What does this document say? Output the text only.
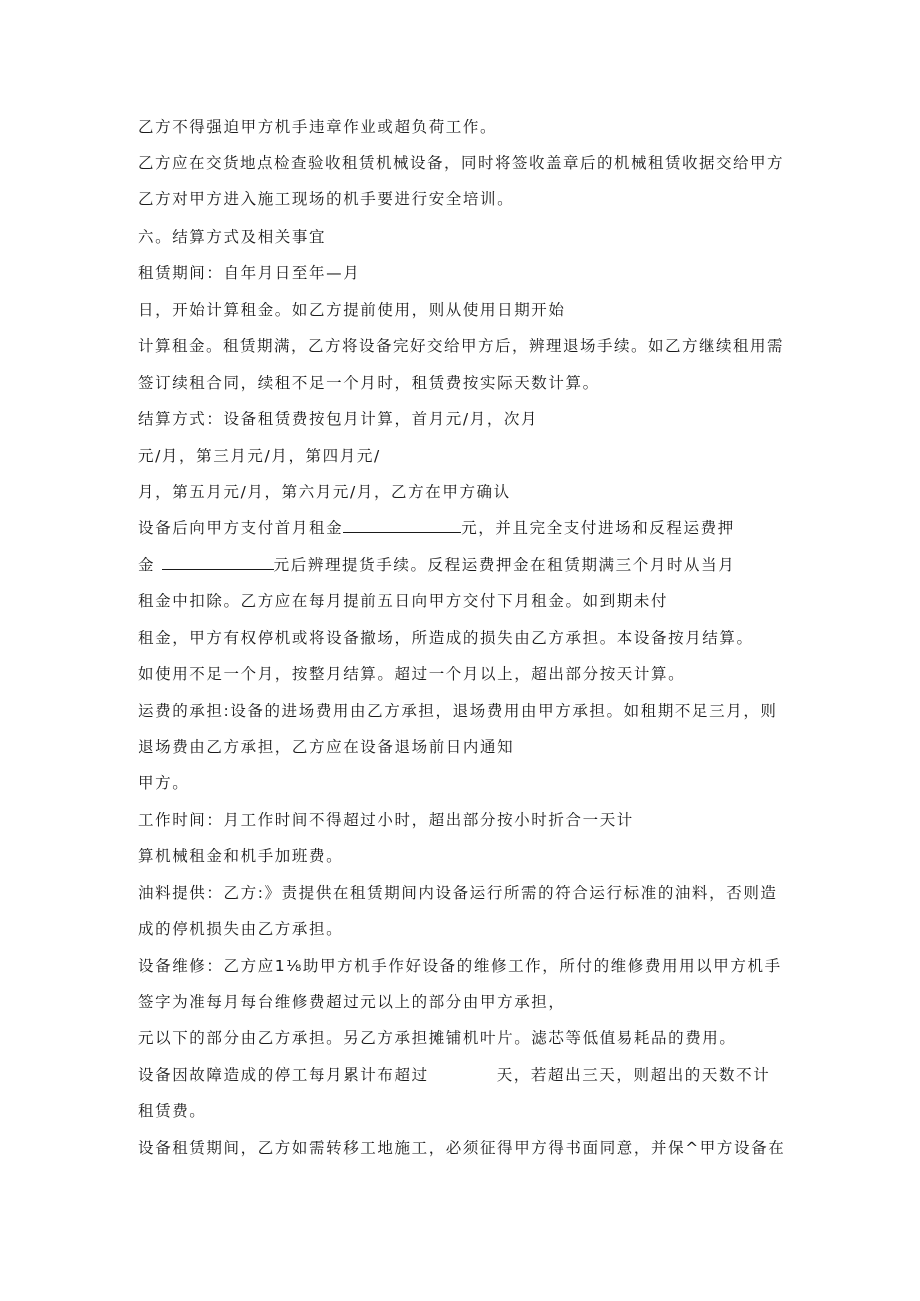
乙方不得强迫甲方机手违章作业或超负荷工作。
乙方应在交货地点检查验收租赁机械设备，同时将签收盖章后的机械租赁收据交给甲方
乙方对甲方进入施工现场的机手要进行安全培训。
六。结算方式及相关事宜
租赁期间：自年月日至年—月
日，开始计算租金。如乙方提前使用，则从使用日期开始
计算租金。租赁期满，乙方将设备完好交给甲方后，辨理退场手续。如乙方继续租用需
签订续租合同，续租不足一个月时，租赁费按实际天数计算。
结算方式：设备租赁费按包月计算，首月元/月，次月
元/月，第三月元/月，第四月元/
月，第五月元/月，第六月元/月，乙方在甲方确认
设备后向甲方支付首月租金	元，并且完全支付进场和反程运费押
金	元后辨理提货手续。反程运费押金在租赁期满三个月时从当月
租金中扣除。乙方应在每月提前五日向甲方交付下月租金。如到期未付
租金，甲方有权停机或将设备撤场，所造成的损失由乙方承担。本设备按月结算。
如使用不足一个月，按整月结算。超过一个月以上，超出部分按天计算。
运费的承担:设备的进场费用由乙方承担，退场费用由甲方承担。如租期不足三月，则
退场费由乙方承担，乙方应在设备退场前日内通知
甲方。
工作时间：月工作时间不得超过小时，超出部分按小时折合一天计
算机械租金和机手加班费。
油料提供：乙方:》责提供在租赁期间内设备运行所需的符合运行标准的油料，否则造
成的停机损失由乙方承担。
设备维修：乙方应1⅛助甲方机手作好设备的维修工作，所付的维修费用用以甲方机手
签字为准每月每台维修费超过元以上的部分由甲方承担，
元以下的部分由乙方承担。另乙方承担摊铺机叶片。滤芯等低值易耗品的费用。
设备因故障造成的停工每月累计布超过	天，若超出三天，则超出的天数不计
租赁费。
设备租赁期间，乙方如需转移工地施工，必须征得甲方得书面同意，并保^甲方设备在
